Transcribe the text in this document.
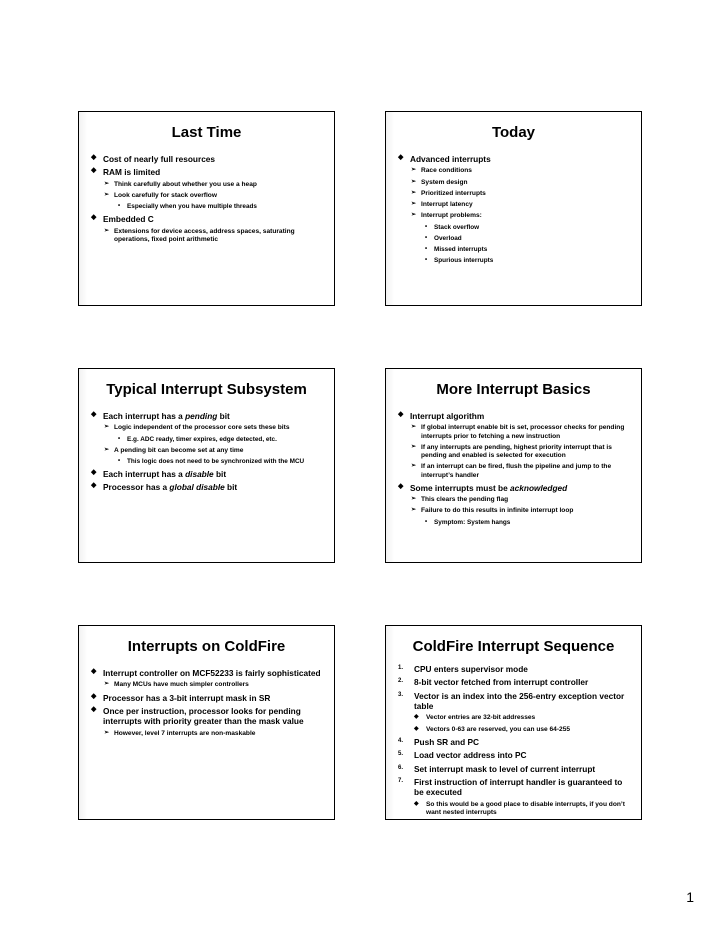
Last Time
◆ Cost of nearly full resources
◆ RAM is limited
➢ Think carefully about whether you use a heap
➢ Look carefully for stack overflow
• Especially when you have multiple threads
◆ Embedded C
➢ Extensions for device access, address spaces, saturating operations, fixed point arithmetic
Today
◆ Advanced interrupts
➢ Race conditions
➢ System design
➢ Prioritized interrupts
➢ Interrupt latency
➢ Interrupt problems:
• Stack overflow
• Overload
• Missed interrupts
• Spurious interrupts
Typical Interrupt Subsystem
◆ Each interrupt has a pending bit
➢ Logic independent of the processor core sets these bits
• E.g. ADC ready, timer expires, edge detected, etc.
➢ A pending bit can become set at any time
• This logic does not need to be synchronized with the MCU
◆ Each interrupt has a disable bit
◆ Processor has a global disable bit
More Interrupt Basics
◆ Interrupt algorithm
➢ If global interrupt enable bit is set, processor checks for pending interrupts prior to fetching a new instruction
➢ If any interrupts are pending, highest priority interrupt that is pending and enabled is selected for execution
➢ If an interrupt can be fired, flush the pipeline and jump to the interrupt’s handler
◆ Some interrupts must be acknowledged
➢ This clears the pending flag
➢ Failure to do this results in infinite interrupt loop
• Symptom: System hangs
Interrupts on ColdFire
◆ Interrupt controller on MCF52233 is fairly sophisticated
➢ Many MCUs have much simpler controllers
◆ Processor has a 3-bit interrupt mask in SR
◆ Once per instruction, processor looks for pending interrupts with priority greater than the mask value
➢ However, level 7 interrupts are non-maskable
ColdFire Interrupt Sequence
1. CPU enters supervisor mode
2. 8-bit vector fetched from interrupt controller
3. Vector is an index into the 256-entry exception vector table
◆ Vector entries are 32-bit addresses
◆ Vectors 0-63 are reserved, you can use 64-255
4. Push SR and PC
5. Load vector address into PC
6. Set interrupt mask to level of current interrupt
7. First instruction of interrupt handler is guaranteed to be executed
◆ So this would be a good place to disable interrupts, if you don’t want nested interrupts
1
